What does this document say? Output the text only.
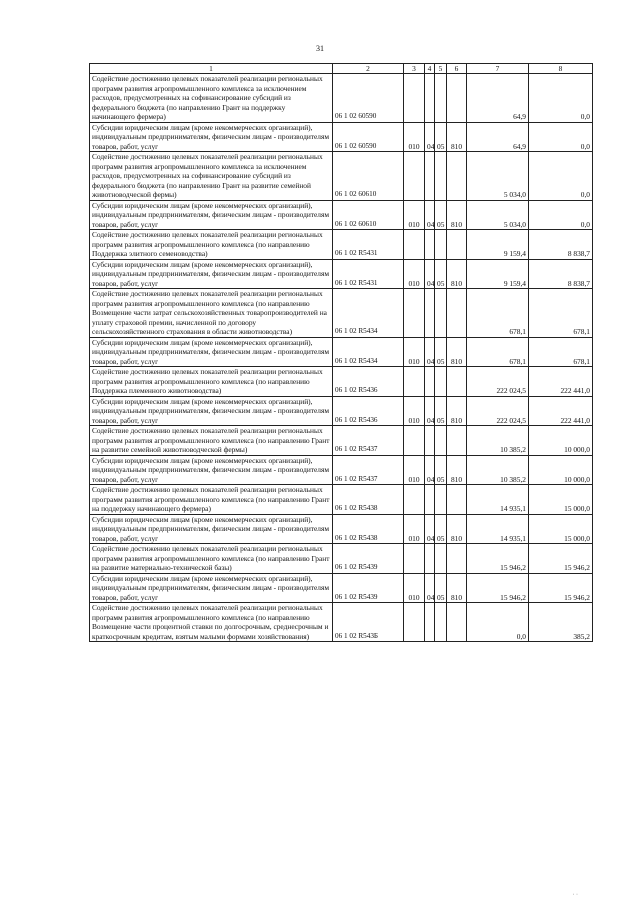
31
1	2	3	4	5	6	7	8
Содействие достижению целевых показателей реализации региональных программ развития агропромышленного комплекса за исключением расходов, предусмотренных на софинансирование субсидий из федерального бюджета (по направлению Грант на поддержку начинающего фермера)	06 1 02 60590					64,9	0,0
Субсидии юридическим лицам (кроме некоммерческих организаций), индивидуальным предпринимателям, физическим лицам - производителям товаров, работ, услуг	06 1 02 60590	010	04	05	810	64,9	0,0
Содействие достижению целевых показателей реализации региональных программ развития агропромышленного комплекса за исключением расходов, предусмотренных на софинансирование субсидий из федерального бюджета (по направлению Грант на развитие семейной животноводческой фермы)	06 1 02 60610					5 034,0	0,0
Субсидии юридическим лицам (кроме некоммерческих организаций), индивидуальным предпринимателям, физическим лицам - производителям товаров, работ, услуг	06 1 02 60610	010	04	05	810	5 034,0	0,0
Содействие достижению целевых показателей реализации региональных программ развития агропромышленного комплекса (по направлению Поддержка элитного семеноводства)	06 1 02 R5431					9 159,4	8 838,7
Субсидии юридическим лицам (кроме некоммерческих организаций), индивидуальным предпринимателям, физическим лицам - производителям товаров, работ, услуг	06 1 02 R5431	010	04	05	810	9 159,4	8 838,7
Содействие достижению целевых показателей реализации региональных программ развития агропромышленного комплекса (по направлению Возмещение части затрат сельскохозяйственных товаропроизводителей на уплату страховой премии, начисленной по договору сельскохозяйственного страхования в области животноводства)	06 1 02 R5434					678,1	678,1
Субсидии юридическим лицам (кроме некоммерческих организаций), индивидуальным предпринимателям, физическим лицам - производителям товаров, работ, услуг	06 1 02 R5434	010	04	05	810	678,1	678,1
Содействие достижению целевых показателей реализации региональных программ развития агропромышленного комплекса (по направлению Поддержка племенного животноводства)	06 1 02 R5436					222 024,5	222 441,0
Субсидии юридическим лицам (кроме некоммерческих организаций), индивидуальным предпринимателям, физическим лицам - производителям товаров, работ, услуг	06 1 02 R5436	010	04	05	810	222 024,5	222 441,0
Содействие достижению целевых показателей реализации региональных программ развития агропромышленного комплекса (по направлению Грант на развитие семейной животноводческой фермы)	06 1 02 R5437					10 385,2	10 000,0
Субсидии юридическим лицам (кроме некоммерческих организаций), индивидуальным предпринимателям, физическим лицам - производителям товаров, работ, услуг	06 1 02 R5437	010	04	05	810	10 385,2	10 000,0
Содействие достижению целевых показателей реализации региональных программ развития агропромышленного комплекса (по направлению Грант на поддержку начинающего фермера)	06 1 02 R5438					14 935,1	15 000,0
Субсидии юридическим лицам (кроме некоммерческих организаций), индивидуальным предпринимателям, физическим лицам - производителям товаров, работ, услуг	06 1 02 R5438	010	04	05	810	14 935,1	15 000,0
Содействие достижению целевых показателей реализации региональных программ развития агропромышленного комплекса (по направлению Грант на развитие материально-технической базы)	06 1 02 R5439					15 946,2	15 946,2
Субсидии юридическим лицам (кроме некоммерческих организаций), индивидуальным предпринимателям, физическим лицам - производителям товаров, работ, услуг	06 1 02 R5439	010	04	05	810	15 946,2	15 946,2
Содействие достижению целевых показателей реализации региональных программ развития агропромышленного комплекса (по направлению Возмещение части процентной ставки по долгосрочным, среднесрочным и краткосрочным кредитам, взятым малыми формами хозяйствования)	06 1 02 R543Б					0,0	385,2
· ·
